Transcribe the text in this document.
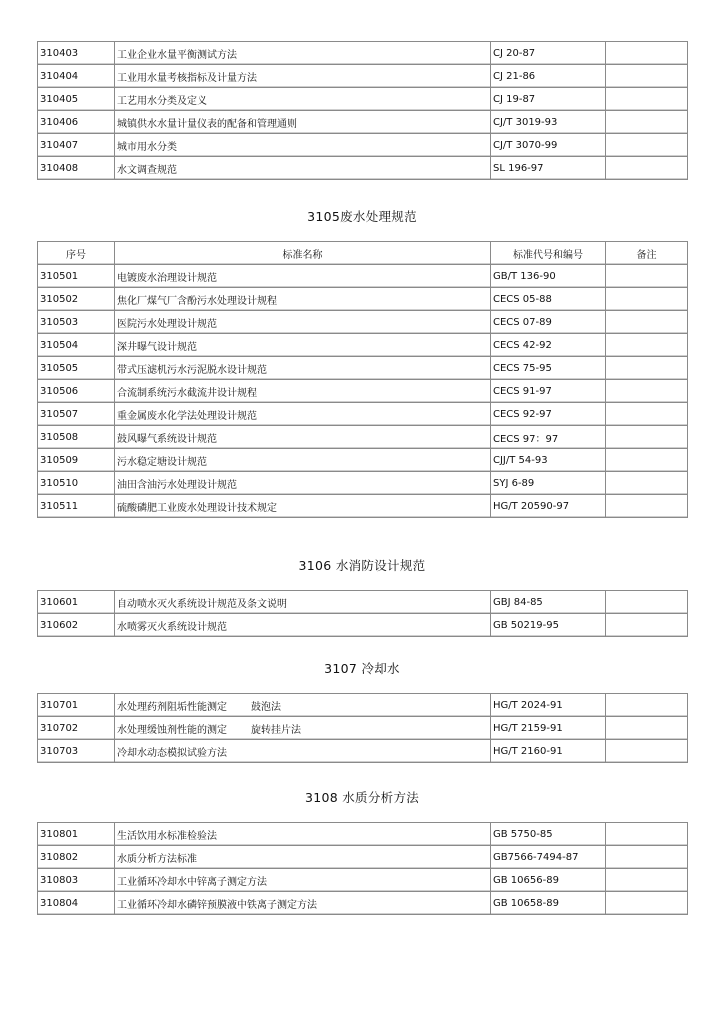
310403	工业企业水量平衡测试方法	CJ 20-87	
310404	工业用水量考核指标及计量方法	CJ 21-86	
310405	工艺用水分类及定义	CJ 19-87	
310406	城镇供水水量计量仪表的配备和管理通则	CJ/T 3019-93	
310407	城市用水分类	CJ/T 3070-99	
310408	水文调查规范	SL 196-97	
3105废水处理规范
序号	标准名称	标准代号和编号	备注
310501	电镀废水治理设计规范	GB/T 136-90	
310502	焦化厂煤气厂含酚污水处理设计规程	CECS 05-88	
310503	医院污水处理设计规范	CECS 07-89	
310504	深井曝气设计规范	CECS 42-92	
310505	带式压滤机污水污泥脱水设计规范	CECS 75-95	
310506	合流制系统污水截流井设计规程	CECS 91-97	
310507	重金属废水化学法处理设计规范	CECS 92-97	
310508	鼓风曝气系统设计规范	CECS 97：97	
310509	污水稳定塘设计规范	CJJ/T 54-93	
310510	油田含油污水处理设计规范	SYJ 6-89	
310511	硫酸磷肥工业废水处理设计技术规定	HG/T 20590-97	
3106 水消防设计规范
310601	自动喷水灭火系统设计规范及条文说明	GBJ 84-85	
310602	水喷雾灭火系统设计规范	GB 50219-95	
3107 冷却水
310701	水处理药剂阻垢性能测定 鼓泡法	HG/T 2024-91	
310702	水处理缓蚀剂性能的测定 旋转挂片法	HG/T 2159-91	
310703	冷却水动态模拟试验方法	HG/T 2160-91	
3108 水质分析方法
310801	生活饮用水标准检验法	GB 5750-85	
310802	水质分析方法标准	GB7566-7494-87	
310803	工业循环冷却水中锌离子测定方法	GB 10656-89	
310804	工业循环冷却水磷锌预膜液中铁离子测定方法	GB 10658-89	
